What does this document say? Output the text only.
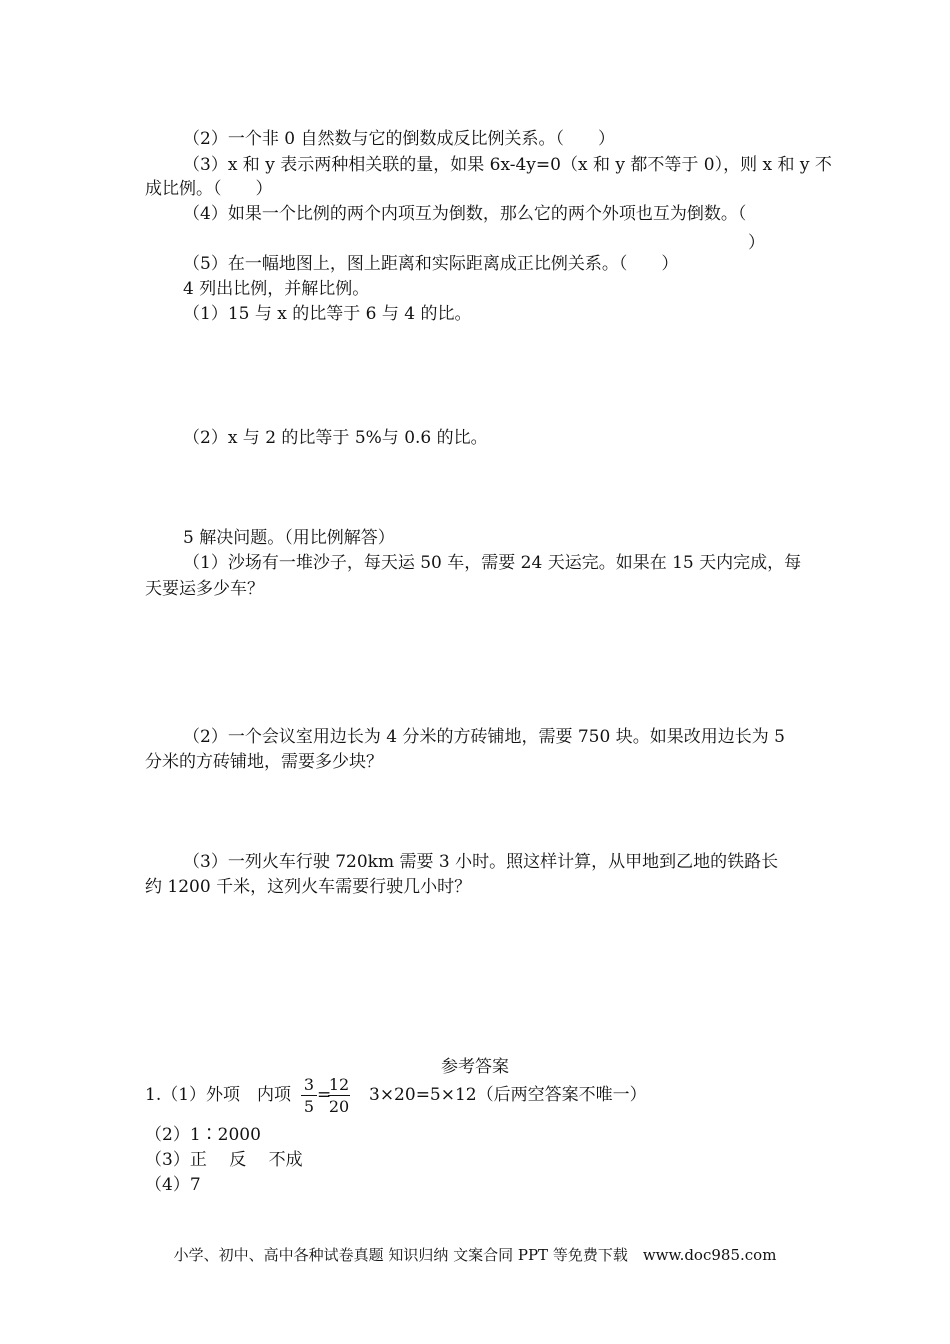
（2）一个非 0 自然数与它的倒数成反比例关系。（　　）
（3）x 和 y 表示两种相关联的量，如果 6x-4y=0（x 和 y 都不等于 0），则 x 和 y 不
成比例。（　　）
（4）如果一个比例的两个内项互为倒数，那么它的两个外项也互为倒数。（
）
（5）在一幅地图上，图上距离和实际距离成正比例关系。（　　）
4 列出比例，并解比例。
（1）15 与 x 的比等于 6 与 4 的比。
（2）x 与 2 的比等于 5%与 0.6 的比。
5 解决问题。（用比例解答）
（1）沙场有一堆沙子，每天运 50 车，需要 24 天运完。如果在 15 天内完成，每
天要运多少车？
（2）一个会议室用边长为 4 分米的方砖铺地，需要 750 块。如果改用边长为 5
分米的方砖铺地，需要多少块？
（3）一列火车行驶 720km 需要 3 小时。照这样计算，从甲地到乙地的铁路长
约 1200 千米，这列火车需要行驶几小时？
参考答案
1.（1）外项　内项
3
5
=
12
20
3×20=5×12（后两空答案不唯一）
（2）1∶2000
（3）正　 反　 不成
（4）7
小学、初中、高中各种试卷真题 知识归纳 文案合同 PPT 等免费下载　www.doc985.com
